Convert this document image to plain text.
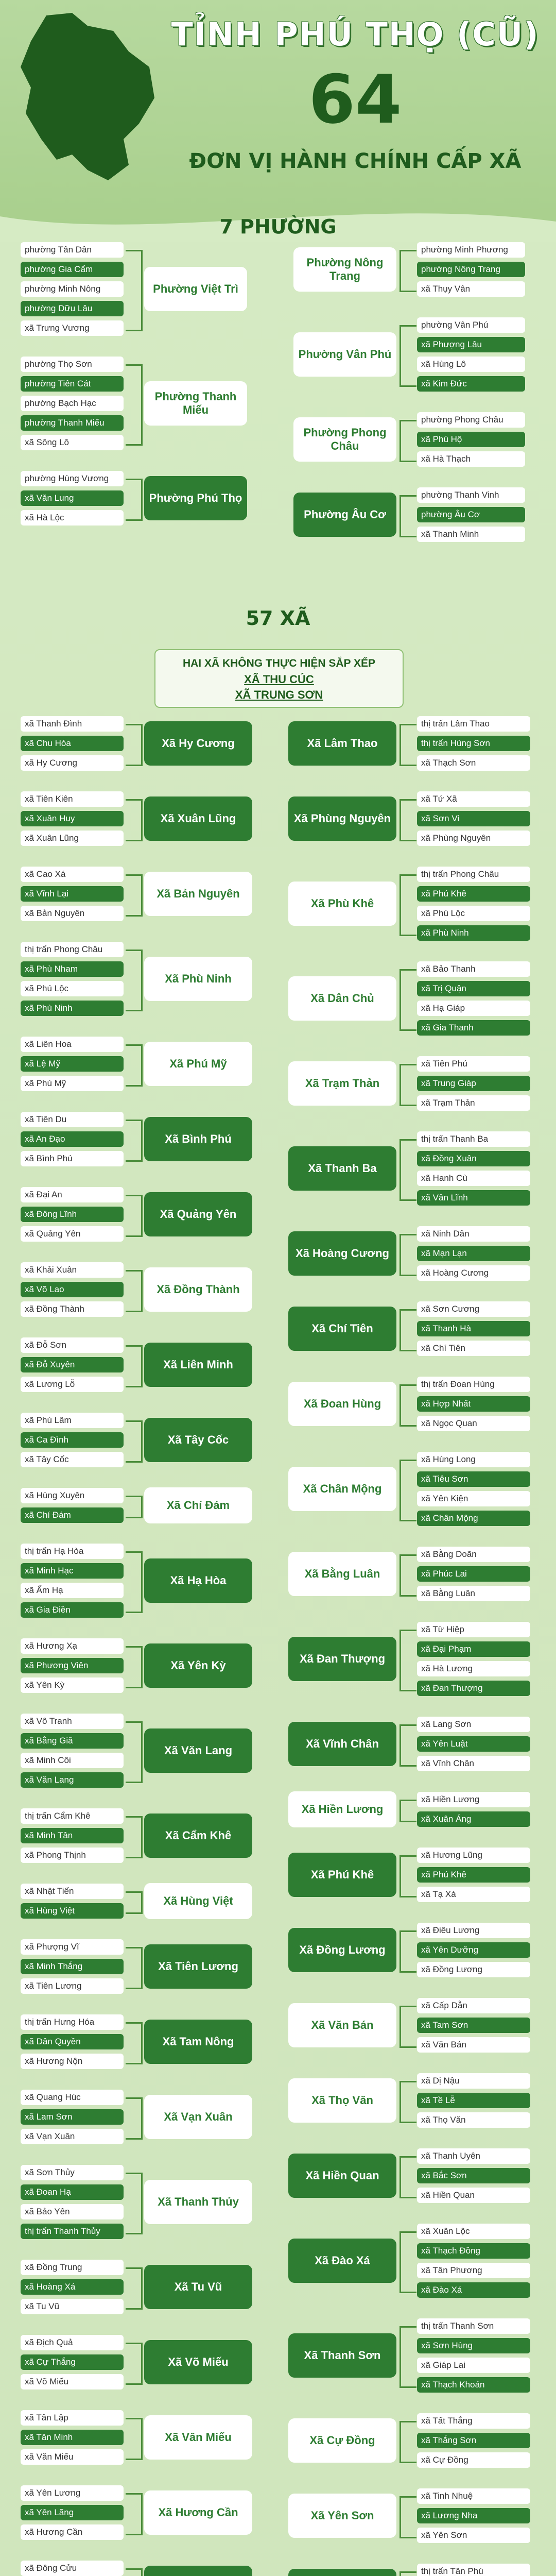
TỈNH PHÚ THỌ (CŨ)
64
ĐƠN VỊ HÀNH CHÍNH CẤP XÃ
7 PHƯỜNG
57 XÃ
HAI XÃ KHÔNG THỰC HIỆN SẮP XẾP
XÃ THU CÚC
XÃ TRUNG SƠN
phường Tân Dân
phường Gia Cẩm
phường Minh Nông
phường Dữu Lâu
xã Trưng Vương
Phường Việt Trì
phường Thọ Sơn
phường Tiên Cát
phường Bạch Hạc
phường Thanh Miếu
xã Sông Lô
Phường Thanh Miếu
phường Hùng Vương
xã Văn Lung
xã Hà Lộc
Phường Phú Thọ
phường Minh Phương
phường Nông Trang
xã Thụy Vân
Phường Nông Trang
phường Vân Phú
xã Phượng Lâu
xã Hùng Lô
xã Kim Đức
Phường Vân Phú
phường Phong Châu
xã Phú Hộ
xã Hà Thạch
Phường Phong Châu
phường Thanh Vinh
phường Âu Cơ
xã Thanh Minh
Phường Âu Cơ
xã Thanh Đình
xã Chu Hóa
xã Hy Cương
Xã Hy Cương
xã Tiên Kiên
xã Xuân Huy
xã Xuân Lũng
Xã Xuân Lũng
xã Cao Xá
xã Vĩnh Lại
xã Bản Nguyên
Xã Bản Nguyên
thị trấn Phong Châu
xã Phù Nham
xã Phú Lộc
xã Phù Ninh
Xã Phù Ninh
xã Liên Hoa
xã Lệ Mỹ
xã Phú Mỹ
Xã Phú Mỹ
xã Tiên Du
xã An Đạo
xã Bình Phú
Xã Bình Phú
xã Đại An
xã Đông Lĩnh
xã Quảng Yên
Xã Quảng Yên
xã Khải Xuân
xã Võ Lao
xã Đồng Thành
Xã Đồng Thành
xã Đỗ Sơn
xã Đỗ Xuyên
xã Lương Lỗ
Xã Liên Minh
xã Phú Lâm
xã Ca Đình
xã Tây Cốc
Xã Tây Cốc
xã Hùng Xuyên
xã Chí Đám
Xã Chí Đám
thị trấn Hạ Hòa
xã Minh Hạc
xã Ấm Hạ
xã Gia Điền
Xã Hạ Hòa
xã Hương Xạ
xã Phương Viên
xã Yên Kỳ
Xã Yên Kỳ
xã Vô Tranh
xã Bằng Giã
xã Minh Côi
xã Văn Lang
Xã Văn Lang
thị trấn Cẩm Khê
xã Minh Tân
xã Phong Thịnh
Xã Cẩm Khê
xã Nhật Tiến
xã Hùng Việt
Xã Hùng Việt
xã Phượng Vĩ
xã Minh Thắng
xã Tiên Lương
Xã Tiên Lương
thị trấn Hưng Hóa
xã Dân Quyền
xã Hương Nộn
Xã Tam Nông
xã Quang Húc
xã Lam Sơn
xã Vạn Xuân
Xã Vạn Xuân
xã Sơn Thủy
xã Đoan Hạ
xã Bảo Yên
thị trấn Thanh Thủy
Xã Thanh Thủy
xã Đồng Trung
xã Hoàng Xá
xã Tu Vũ
Xã Tu Vũ
xã Địch Quả
xã Cự Thắng
xã Võ Miếu
Xã Võ Miếu
xã Tân Lập
xã Tân Minh
xã Văn Miếu
Xã Văn Miếu
xã Yên Lương
xã Yên Lãng
xã Hương Cần
Xã Hương Cần
xã Đông Cửu
thị trấn Lâm Thao
thị trấn Hùng Sơn
xã Thạch Sơn
Xã Lâm Thao
xã Tứ Xã
xã Sơn Vi
xã Phùng Nguyên
Xã Phùng Nguyên
thị trấn Phong Châu
xã Phú Khê
xã Phú Lộc
xã Phù Ninh
Xã Phù Khê
xã Bảo Thanh
xã Trị Quận
xã Hạ Giáp
xã Gia Thanh
Xã Dân Chủ
xã Tiên Phú
xã Trung Giáp
xã Trạm Thản
Xã Trạm Thản
thị trấn Thanh Ba
xã Đồng Xuân
xã Hanh Cù
xã Vân Lĩnh
Xã Thanh Ba
xã Ninh Dân
xã Mạn Lạn
xã Hoàng Cương
Xã Hoàng Cương
xã Sơn Cương
xã Thanh Hà
xã Chí Tiên
Xã Chí Tiên
thị trấn Đoan Hùng
xã Hợp Nhất
xã Ngọc Quan
Xã Đoan Hùng
xã Hùng Long
xã Tiêu Sơn
xã Yên Kiện
xã Chân Mộng
Xã Chân Mộng
xã Bằng Doãn
xã Phúc Lai
xã Bằng Luân
Xã Bằng Luân
xã Từ Hiệp
xã Đại Phạm
xã Hà Lương
xã Đan Thượng
Xã Đan Thượng
xã Lang Sơn
xã Yên Luật
xã Vĩnh Chân
Xã Vĩnh Chân
xã Hiền Lương
xã Xuân Áng
Xã Hiền Lương
xã Hương Lũng
xã Phú Khê
xã Tạ Xá
Xã Phú Khê
xã Điêu Lương
xã Yên Dưỡng
xã Đồng Lương
Xã Đồng Lương
xã Cấp Dẫn
xã Tam Sơn
xã Văn Bán
Xã Văn Bán
xã Dị Nậu
xã Tề Lễ
xã Thọ Văn
Xã Thọ Văn
xã Thanh Uyên
xã Bắc Sơn
xã Hiền Quan
Xã Hiền Quan
xã Xuân Lộc
xã Thạch Đồng
xã Tân Phương
xã Đào Xá
Xã Đào Xá
thị trấn Thanh Sơn
xã Sơn Hùng
xã Giáp Lai
xã Thạch Khoán
Xã Thanh Sơn
xã Tất Thắng
xã Thắng Sơn
xã Cự Đồng
Xã Cự Đồng
xã Tinh Nhuệ
xã Lương Nha
xã Yên Sơn
Xã Yên Sơn
thị trấn Tân Phú
